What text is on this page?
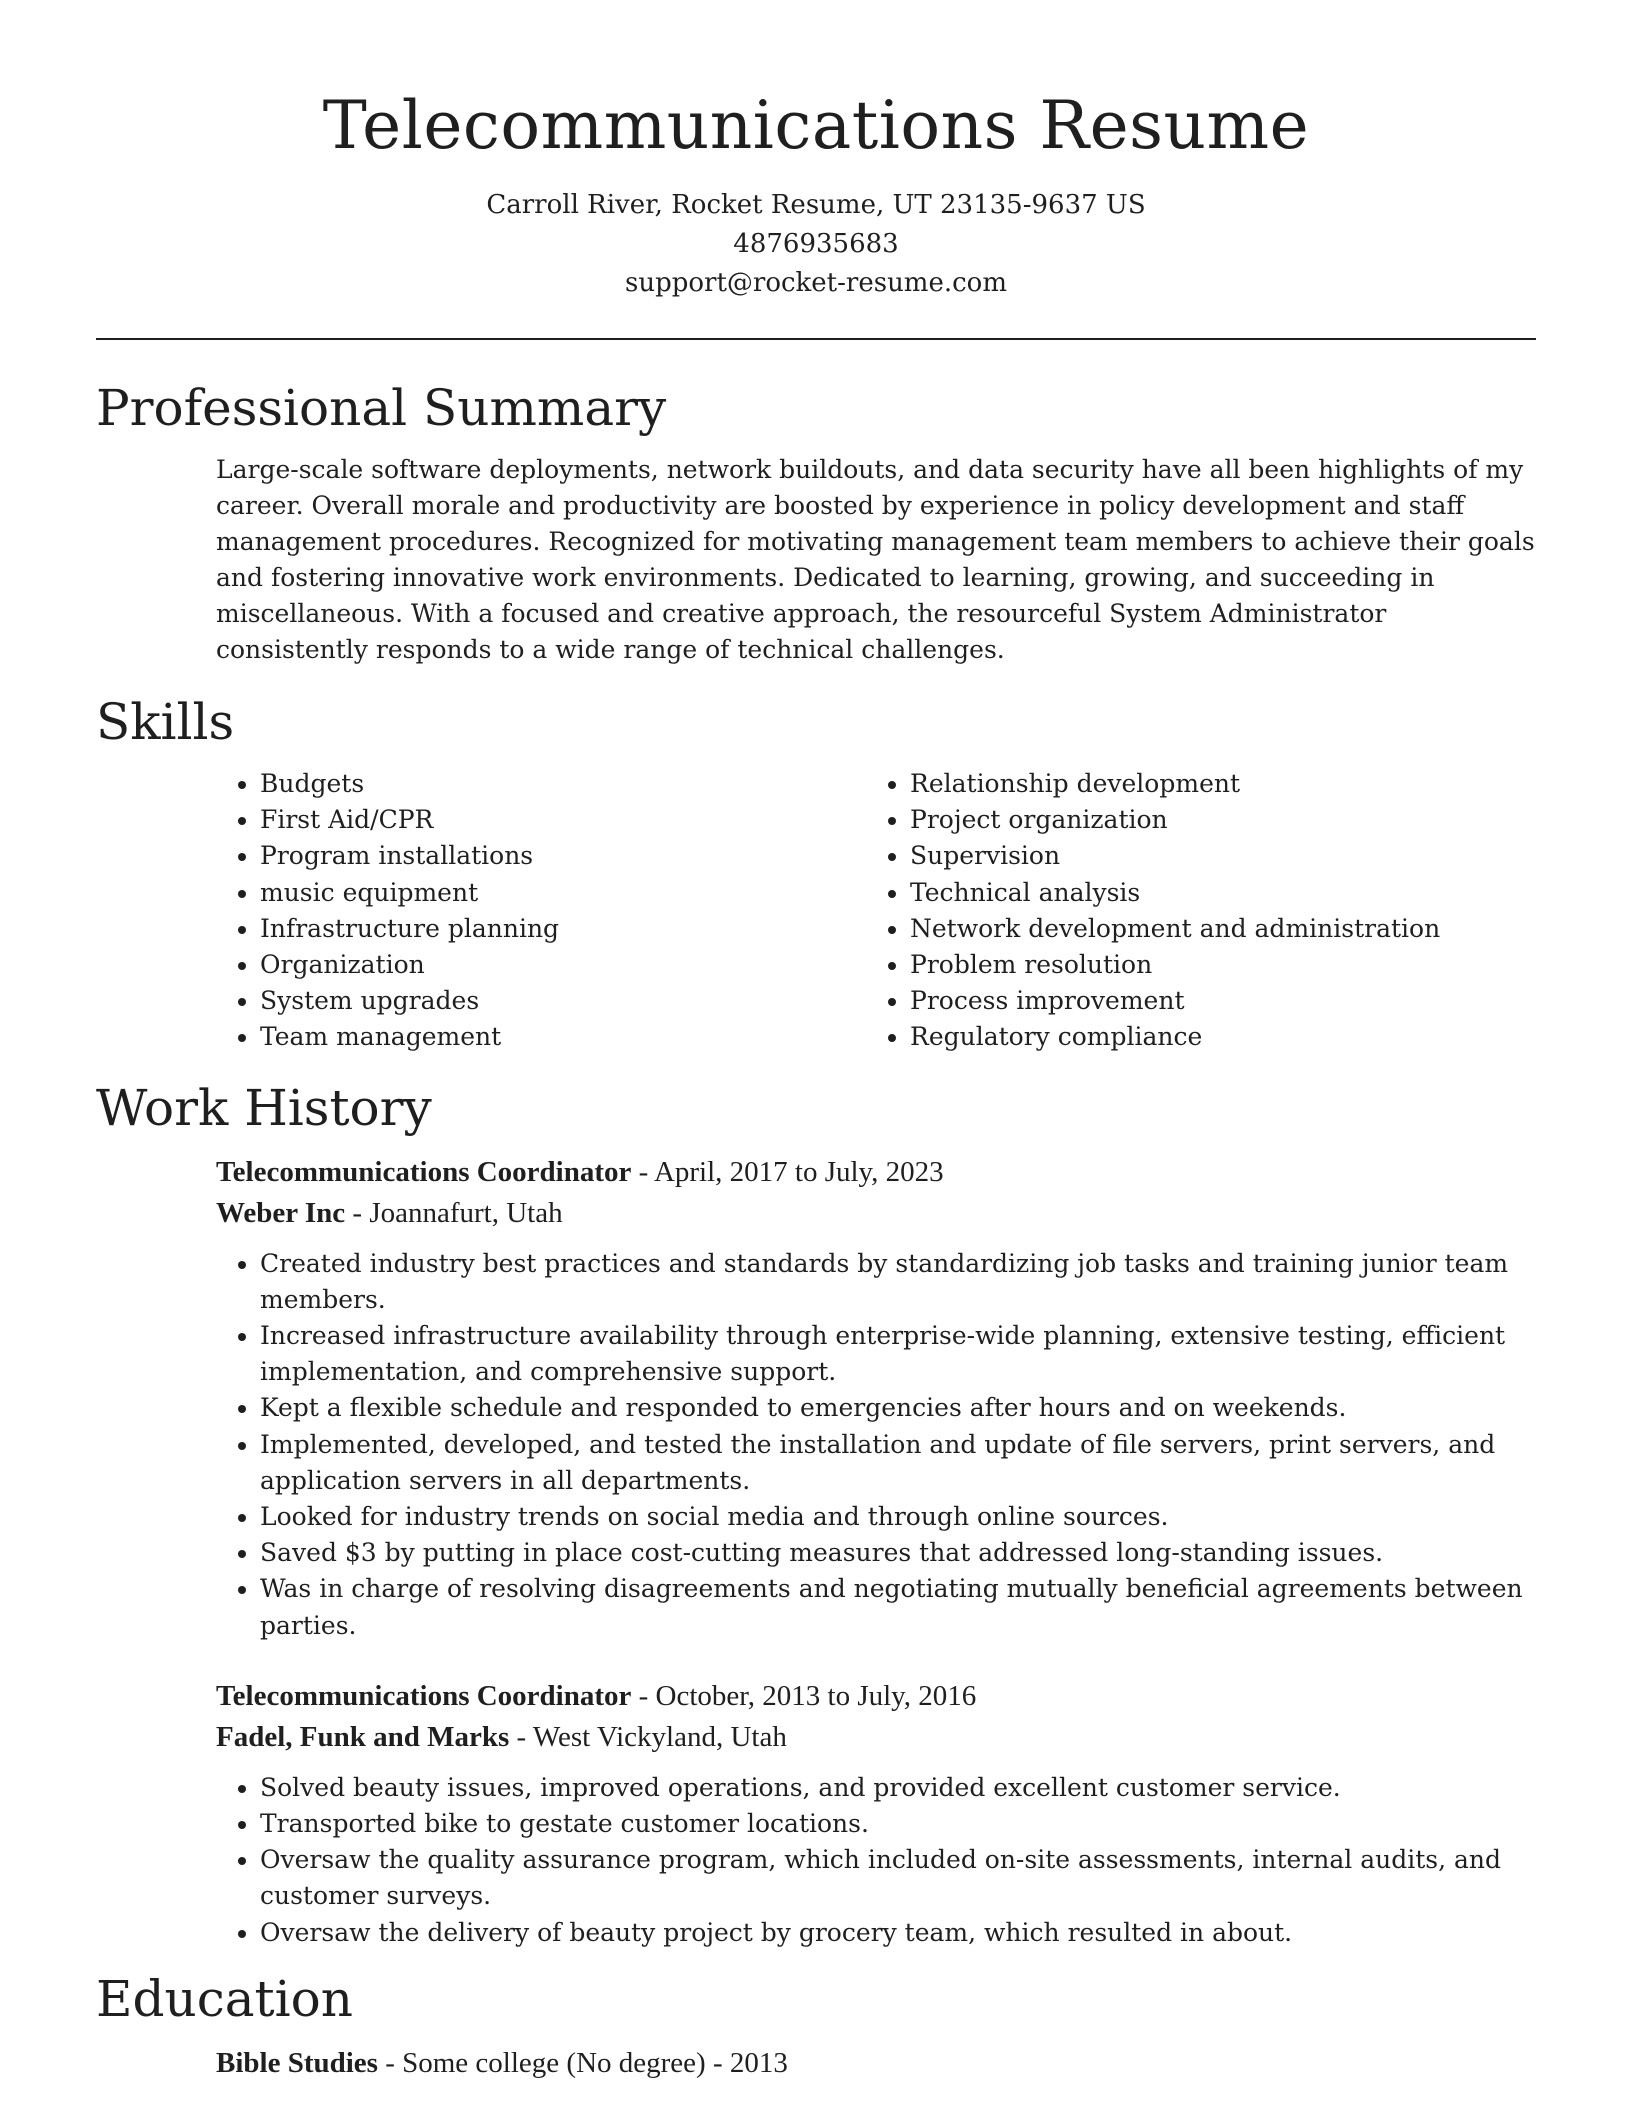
Telecommunications Resume
Carroll River, Rocket Resume, UT 23135-9637 US
4876935683
support@rocket-resume.com
Professional Summary

Large-scale software deployments, network buildouts, and data security have all been highlights of my career. Overall morale and productivity are boosted by experience in policy development and staff management procedures. Recognized for motivating management team members to achieve their goals and fostering innovative work environments. Dedicated to learning, growing, and succeeding in miscellaneous. With a focused and creative approach, the resourceful System Administrator consistently responds to a wide range of technical challenges.

Skills
• Budgets
• First Aid/CPR
• Program installations
• music equipment
• Infrastructure planning
• Organization
• System upgrades
• Team management
• Relationship development
• Project organization
• Supervision
• Technical analysis
• Network development and administration
• Problem resolution
• Process improvement
• Regulatory compliance
Work History
Telecommunications Coordinator - April, 2017 to July, 2023
Weber Inc - Joannafurt, Utah
• Created industry best practices and standards by standardizing job tasks and training junior team members.
• Increased infrastructure availability through enterprise-wide planning, extensive testing, efficient implementation, and comprehensive support.
• Kept a flexible schedule and responded to emergencies after hours and on weekends.
• Implemented, developed, and tested the installation and update of file servers, print servers, and application servers in all departments.
• Looked for industry trends on social media and through online sources.
• Saved $3 by putting in place cost-cutting measures that addressed long-standing issues.
• Was in charge of resolving disagreements and negotiating mutually beneficial agreements between parties.
Telecommunications Coordinator - October, 2013 to July, 2016
Fadel, Funk and Marks - West Vickyland, Utah
• Solved beauty issues, improved operations, and provided excellent customer service.
• Transported bike to gestate customer locations.
• Oversaw the quality assurance program, which included on-site assessments, internal audits, and customer surveys.
• Oversaw the delivery of beauty project by grocery team, which resulted in about.
Education
Bible Studies - Some college (No degree) - 2013
